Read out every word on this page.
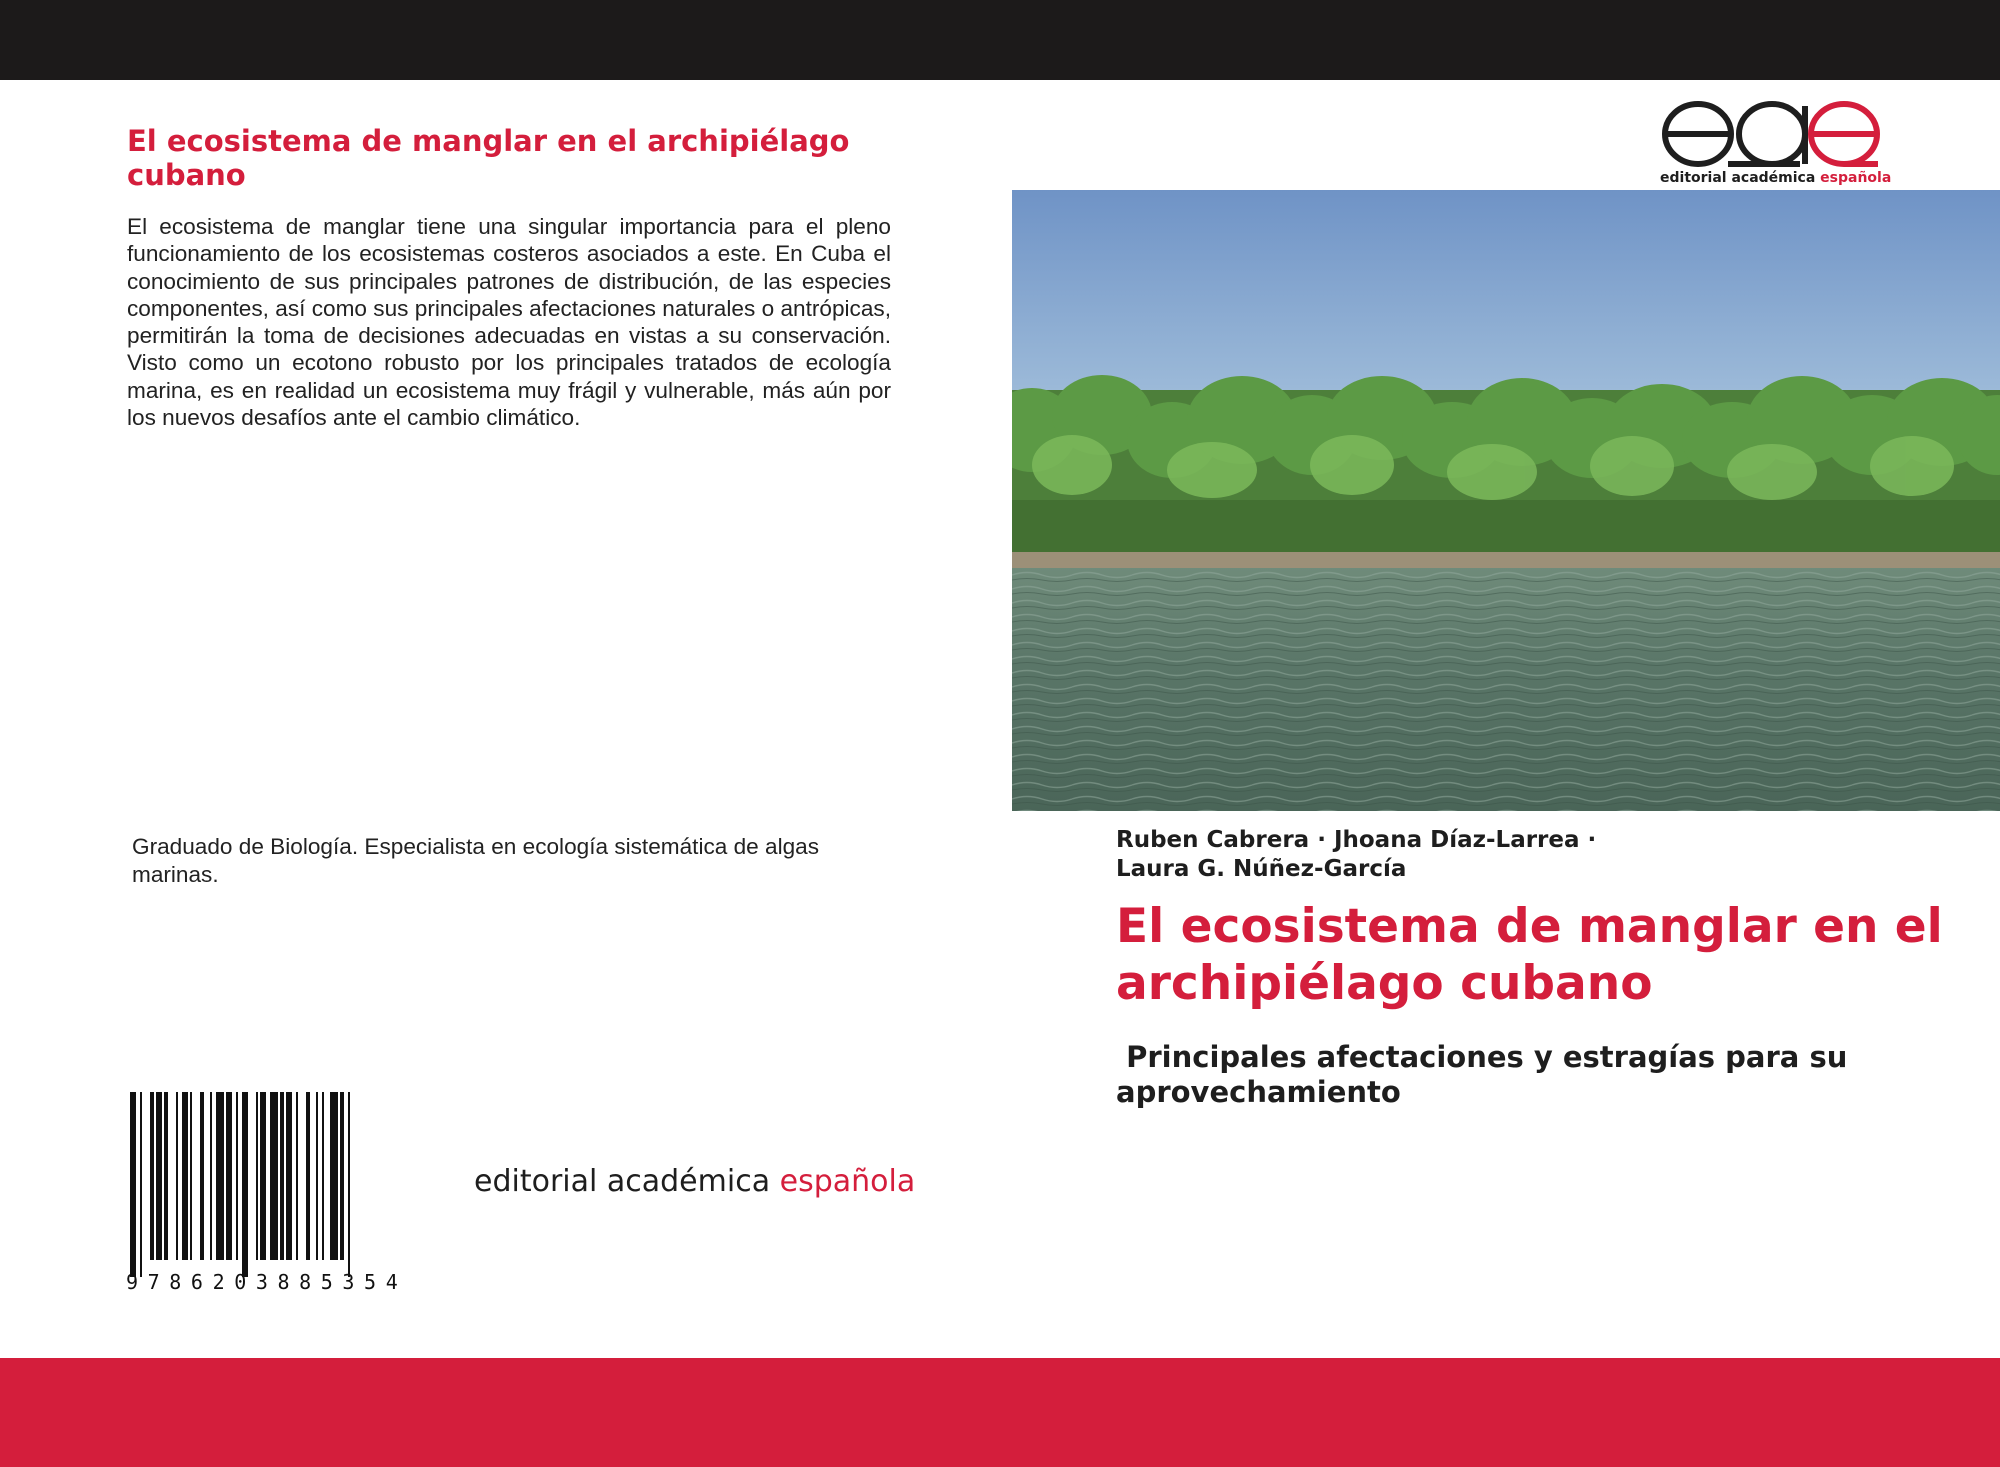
El ecosistema de manglar en el archipiélago cubano

El ecosistema de manglar tiene una singular importancia para el pleno funcionamiento de los ecosistemas costeros asociados a este. En Cuba el conocimiento de sus principales patrones de distribución, de las especies componentes, así como sus principales afectaciones naturales o antrópicas, permitirán la toma de decisiones adecuadas en vistas a su conservación. Visto como un ecotono robusto por los principales tratados de ecología marina, es en realidad un ecosistema muy frágil y vulnerable, más aún por los nuevos desafíos ante el cambio climático.

Graduado de Biología. Especialista en ecología sistemática de algas marinas.

9786203885354
editorial académica española
editorial académica española
Ruben Cabrera · Jhoana Díaz-Larrea ·
Laura G. Núñez-García
El ecosistema de manglar en el archipiélago cubano
Principales afectaciones y estragías para su aprovechamiento
